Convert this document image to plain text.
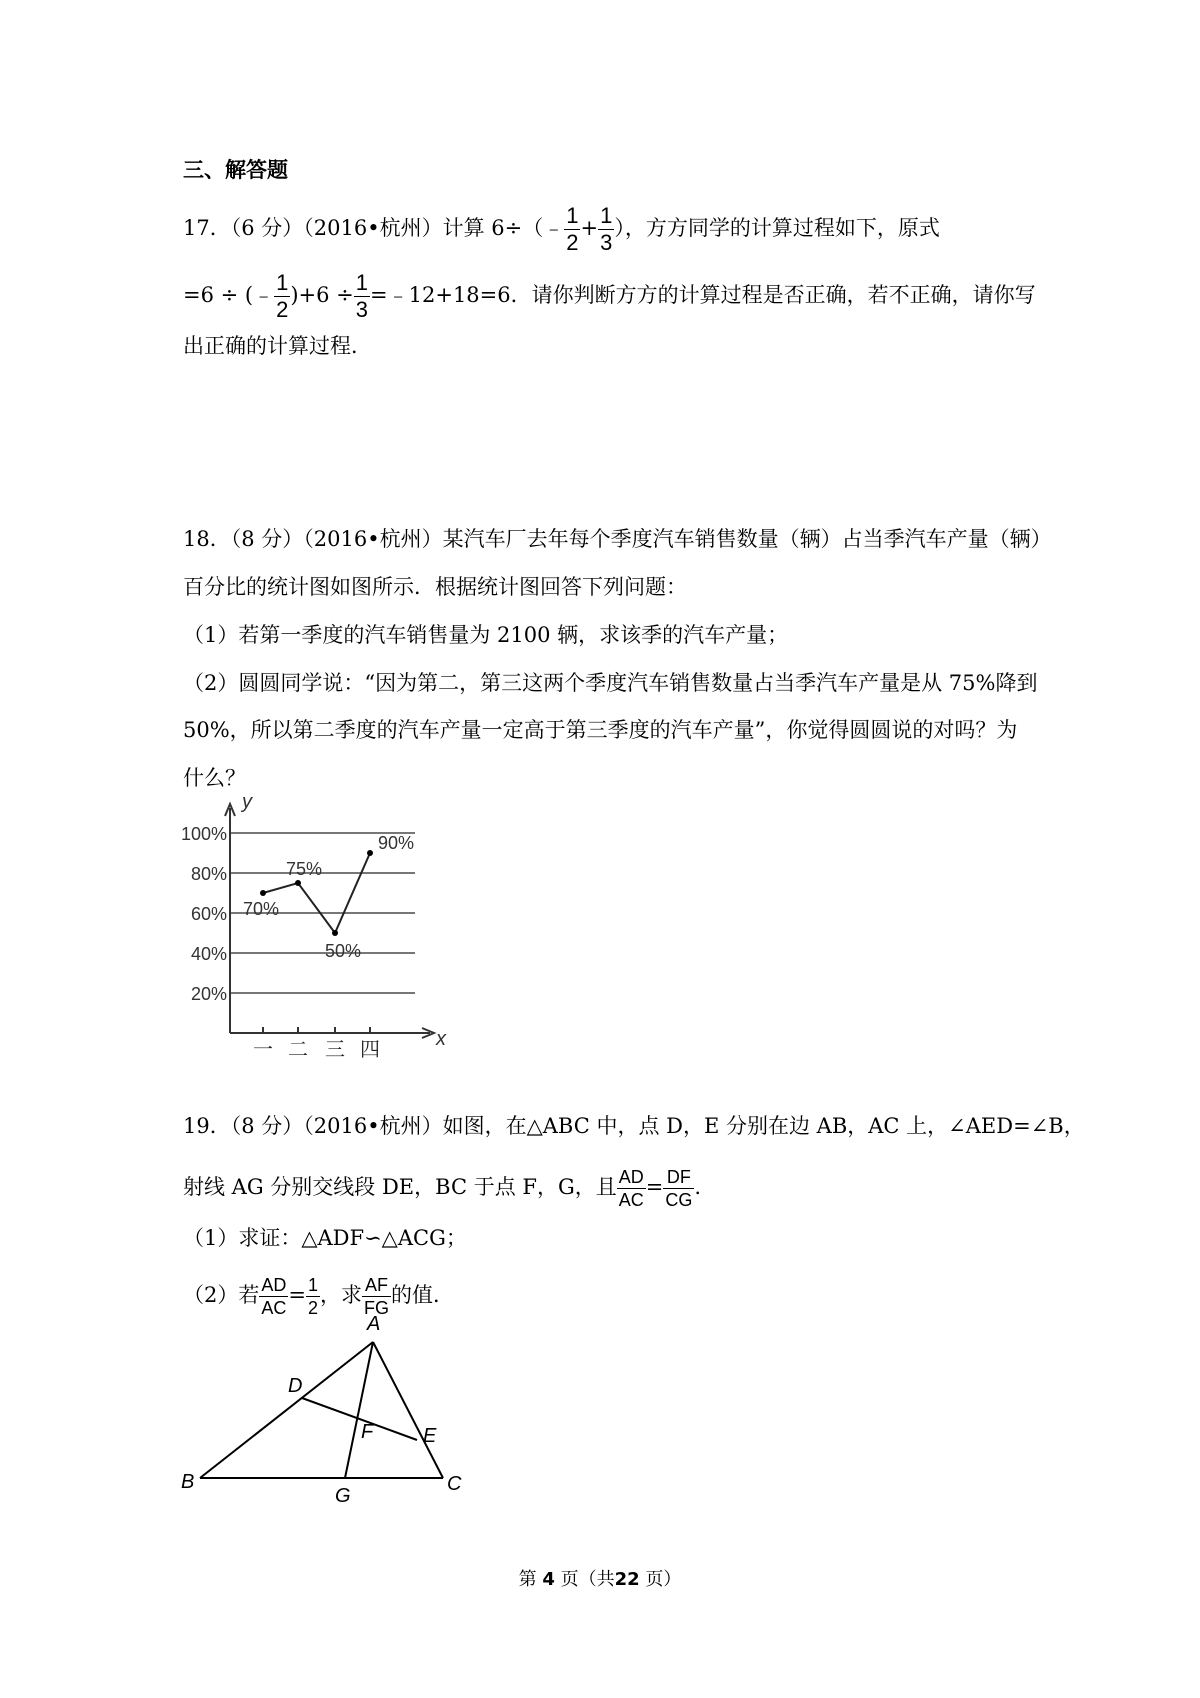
三、解答题
17．（6 分）（2016•杭州）计算 6÷（﹣ $\frac{1}{2} + \frac{1}{3}$ ），方方同学的计算过程如下，原式
=6 ÷ (﹣ $\frac{1}{2} )+6 \div \frac{1}{3}$ =﹣12+18=6．请你判断方方的计算过程是否正确，若不正确，请你写
出正确的计算过程．
18．（8 分）（2016•杭州）某汽车厂去年每个季度汽车销售数量（辆）占当季汽车产量（辆）
百分比的统计图如图所示．根据统计图回答下列问题：
（1）若第一季度的汽车销售量为 2100 辆，求该季的汽车产量；
（2）圆圆同学说：“因为第二，第三这两个季度汽车销售数量占当季汽车产量是从 75%降到
50%，所以第二季度的汽车产量一定高于第三季度的汽车产量”，你觉得圆圆说的对吗？为
什么？
100%
80%
60%
40%
20%
y
x
一 二 三 四
70%
75%
50%
90%
19．（8 分）（2016•杭州）如图，在△ABC 中，点 D，E 分别在边 AB，AC 上，∠AED=∠B，
射线 AG 分别交线段 DE，BC 于点 F，G，且 $\frac{AD}{AC} = \frac{DF}{CG}$ .
（1）求证：△ADF∽△ACG；
（2）若 $\frac{AD}{AC} = \frac{1}{2}$ ，求 $\frac{AF}{FG}$ 的值．
A
B	C
D
E
F
G
第 4 页（共22 页）
